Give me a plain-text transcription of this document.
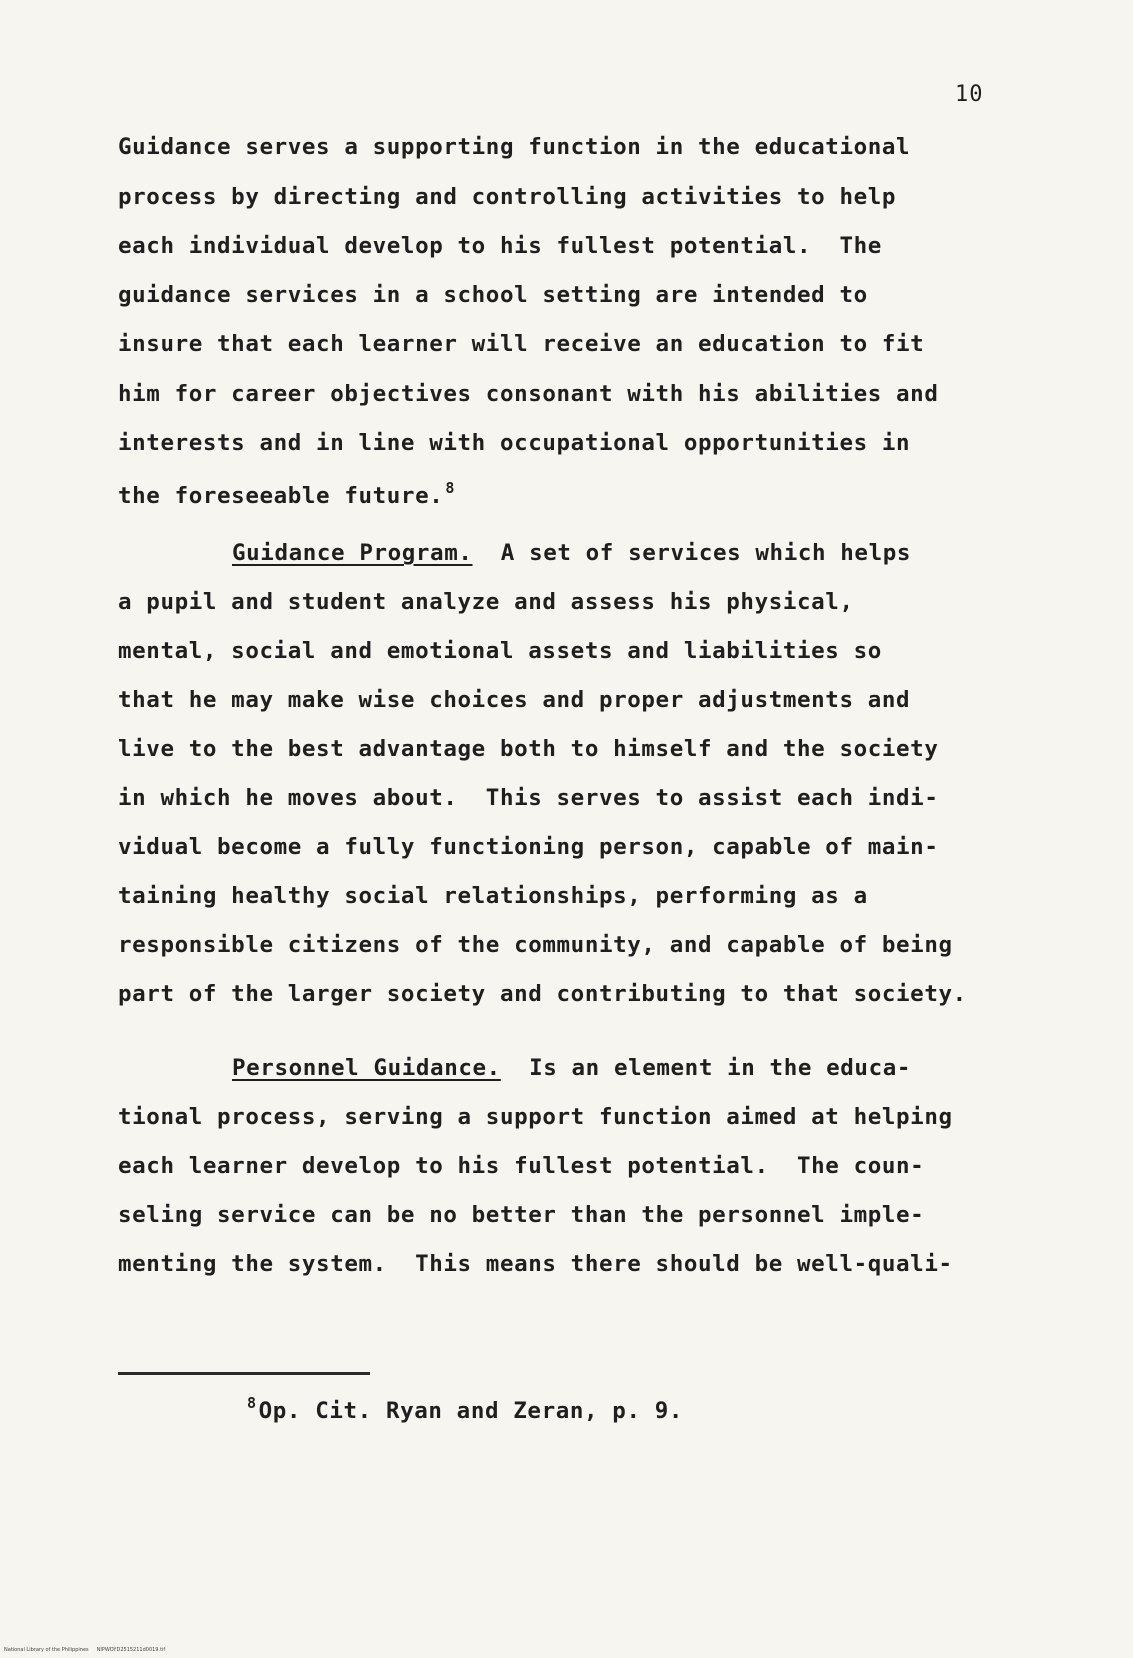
10
Guidance serves a supporting function in the educational
process by directing and controlling activities to help
each individual develop to his fullest potential.  The
guidance services in a school setting are intended to
insure that each learner will receive an education to fit
him for career objectives consonant with his abilities and
interests and in line with occupational opportunities in
the foreseeable future. $^8$
Guidance Program.  A set of services which helps
a pupil and student analyze and assess his physical,
mental, social and emotional assets and liabilities so
that he may make wise choices and proper adjustments and
live to the best advantage both to himself and the society
in which he moves about.  This serves to assist each indi-
vidual become a fully functioning person, capable of main-
taining healthy social relationships, performing as a
responsible citizens of the community, and capable of being
part of the larger society and contributing to that society.
Personnel Guidance.  Is an element in the educa-
tional process, serving a support function aimed at helping
each learner develop to his fullest potential.  The coun-
seling service can be no better than the personnel imple-
menting the system.  This means there should be well-quali-
$^8$Op. Cit. Ryan and Zeran, p. 9.
National Library of the Philippines     NIPWOYD2515211d0019.tif
